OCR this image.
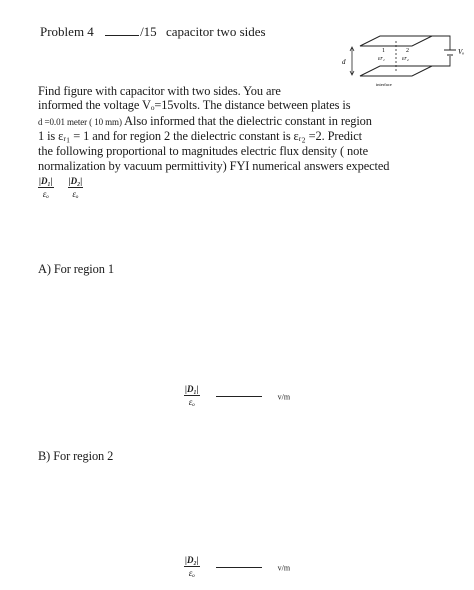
Problem 4	/15 capacitor two sides
d
1
εr₁
2
εr₂
interface
Vₒ
Find figure with capacitor with two sides. You are
informed the voltage Vₒ=15volts. The distance between plates is
d =0.01 meter ( 10 mm) Also informed that the dielectric constant in region
1 is εᵣ₁ = 1 and for region 2 the dielectric constant is εᵣ₂ =2. Predict
the following proportional to magnitudes electric flux density ( note
normalization by vacuum permittivity) FYI numerical answers expected
$\frac{\text{|D₁|}}{\text{εₒ}}$
$\frac{\text{|D₂|}}{\text{εₒ}}$
A) For region 1
$\frac{\text{|D₁|}}{\text{εₒ}}$	v/m
B) For region 2
$\frac{\text{|D₂|}}{\text{εₒ}}$	v/m
